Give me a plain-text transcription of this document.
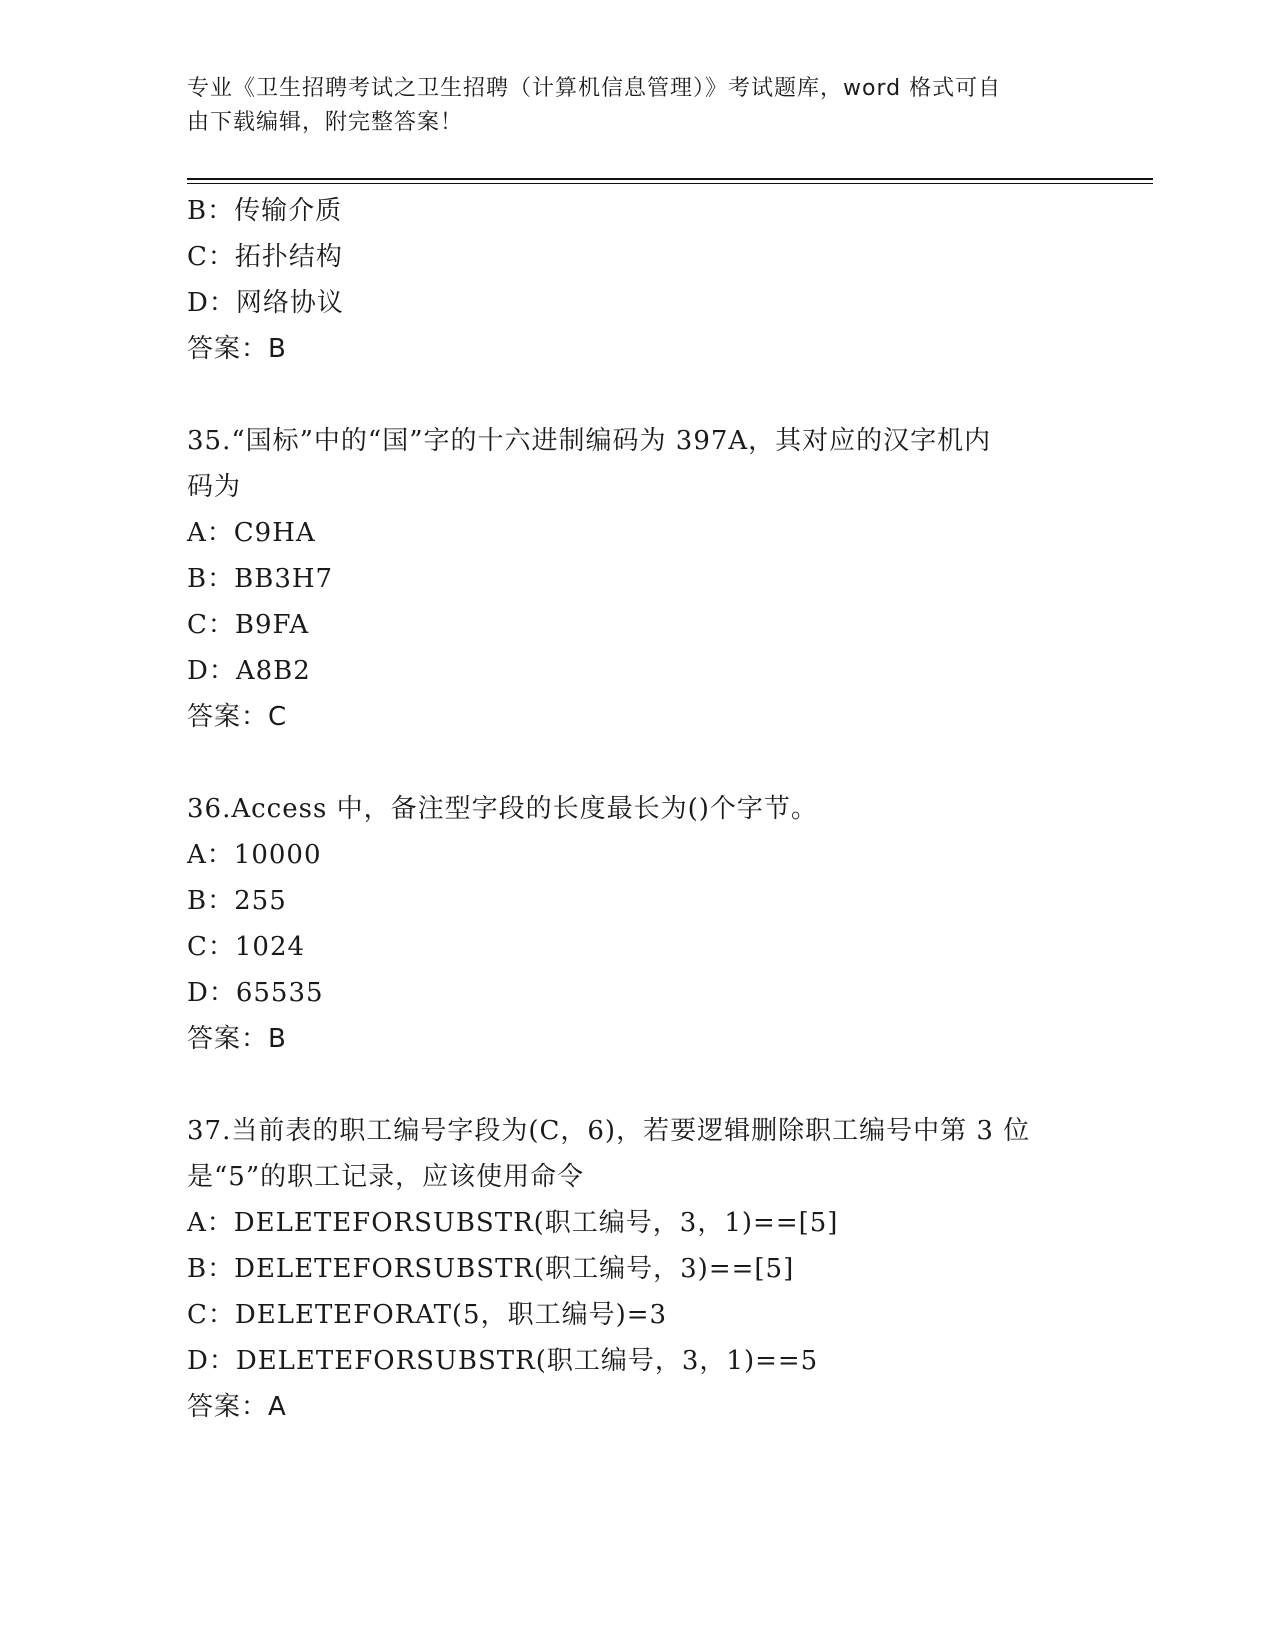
专业《卫生招聘考试之卫生招聘（计算机信息管理）》考试题库，word 格式可自
由下载编辑，附完整答案！
B：传输介质
C：拓扑结构
D：网络协议
答案：B
35.“国标”中的“国”字的十六进制编码为 397A，其对应的汉字机内
码为
A：C9HA
B：BB3H7
C：B9FA
D：A8B2
答案：C
36.Access 中，备注型字段的长度最长为()个字节。
A：10000
B：255
C：1024
D：65535
答案：B
37.当前表的职工编号字段为(C，6)，若要逻辑删除职工编号中第 3 位
是“5”的职工记录，应该使用命令
A：DELETEFORSUBSTR(职工编号，3，1)==[5]
B：DELETEFORSUBSTR(职工编号，3)==[5]
C：DELETEFORAT(5，职工编号)=3
D：DELETEFORSUBSTR(职工编号，3，1)==5
答案：A
